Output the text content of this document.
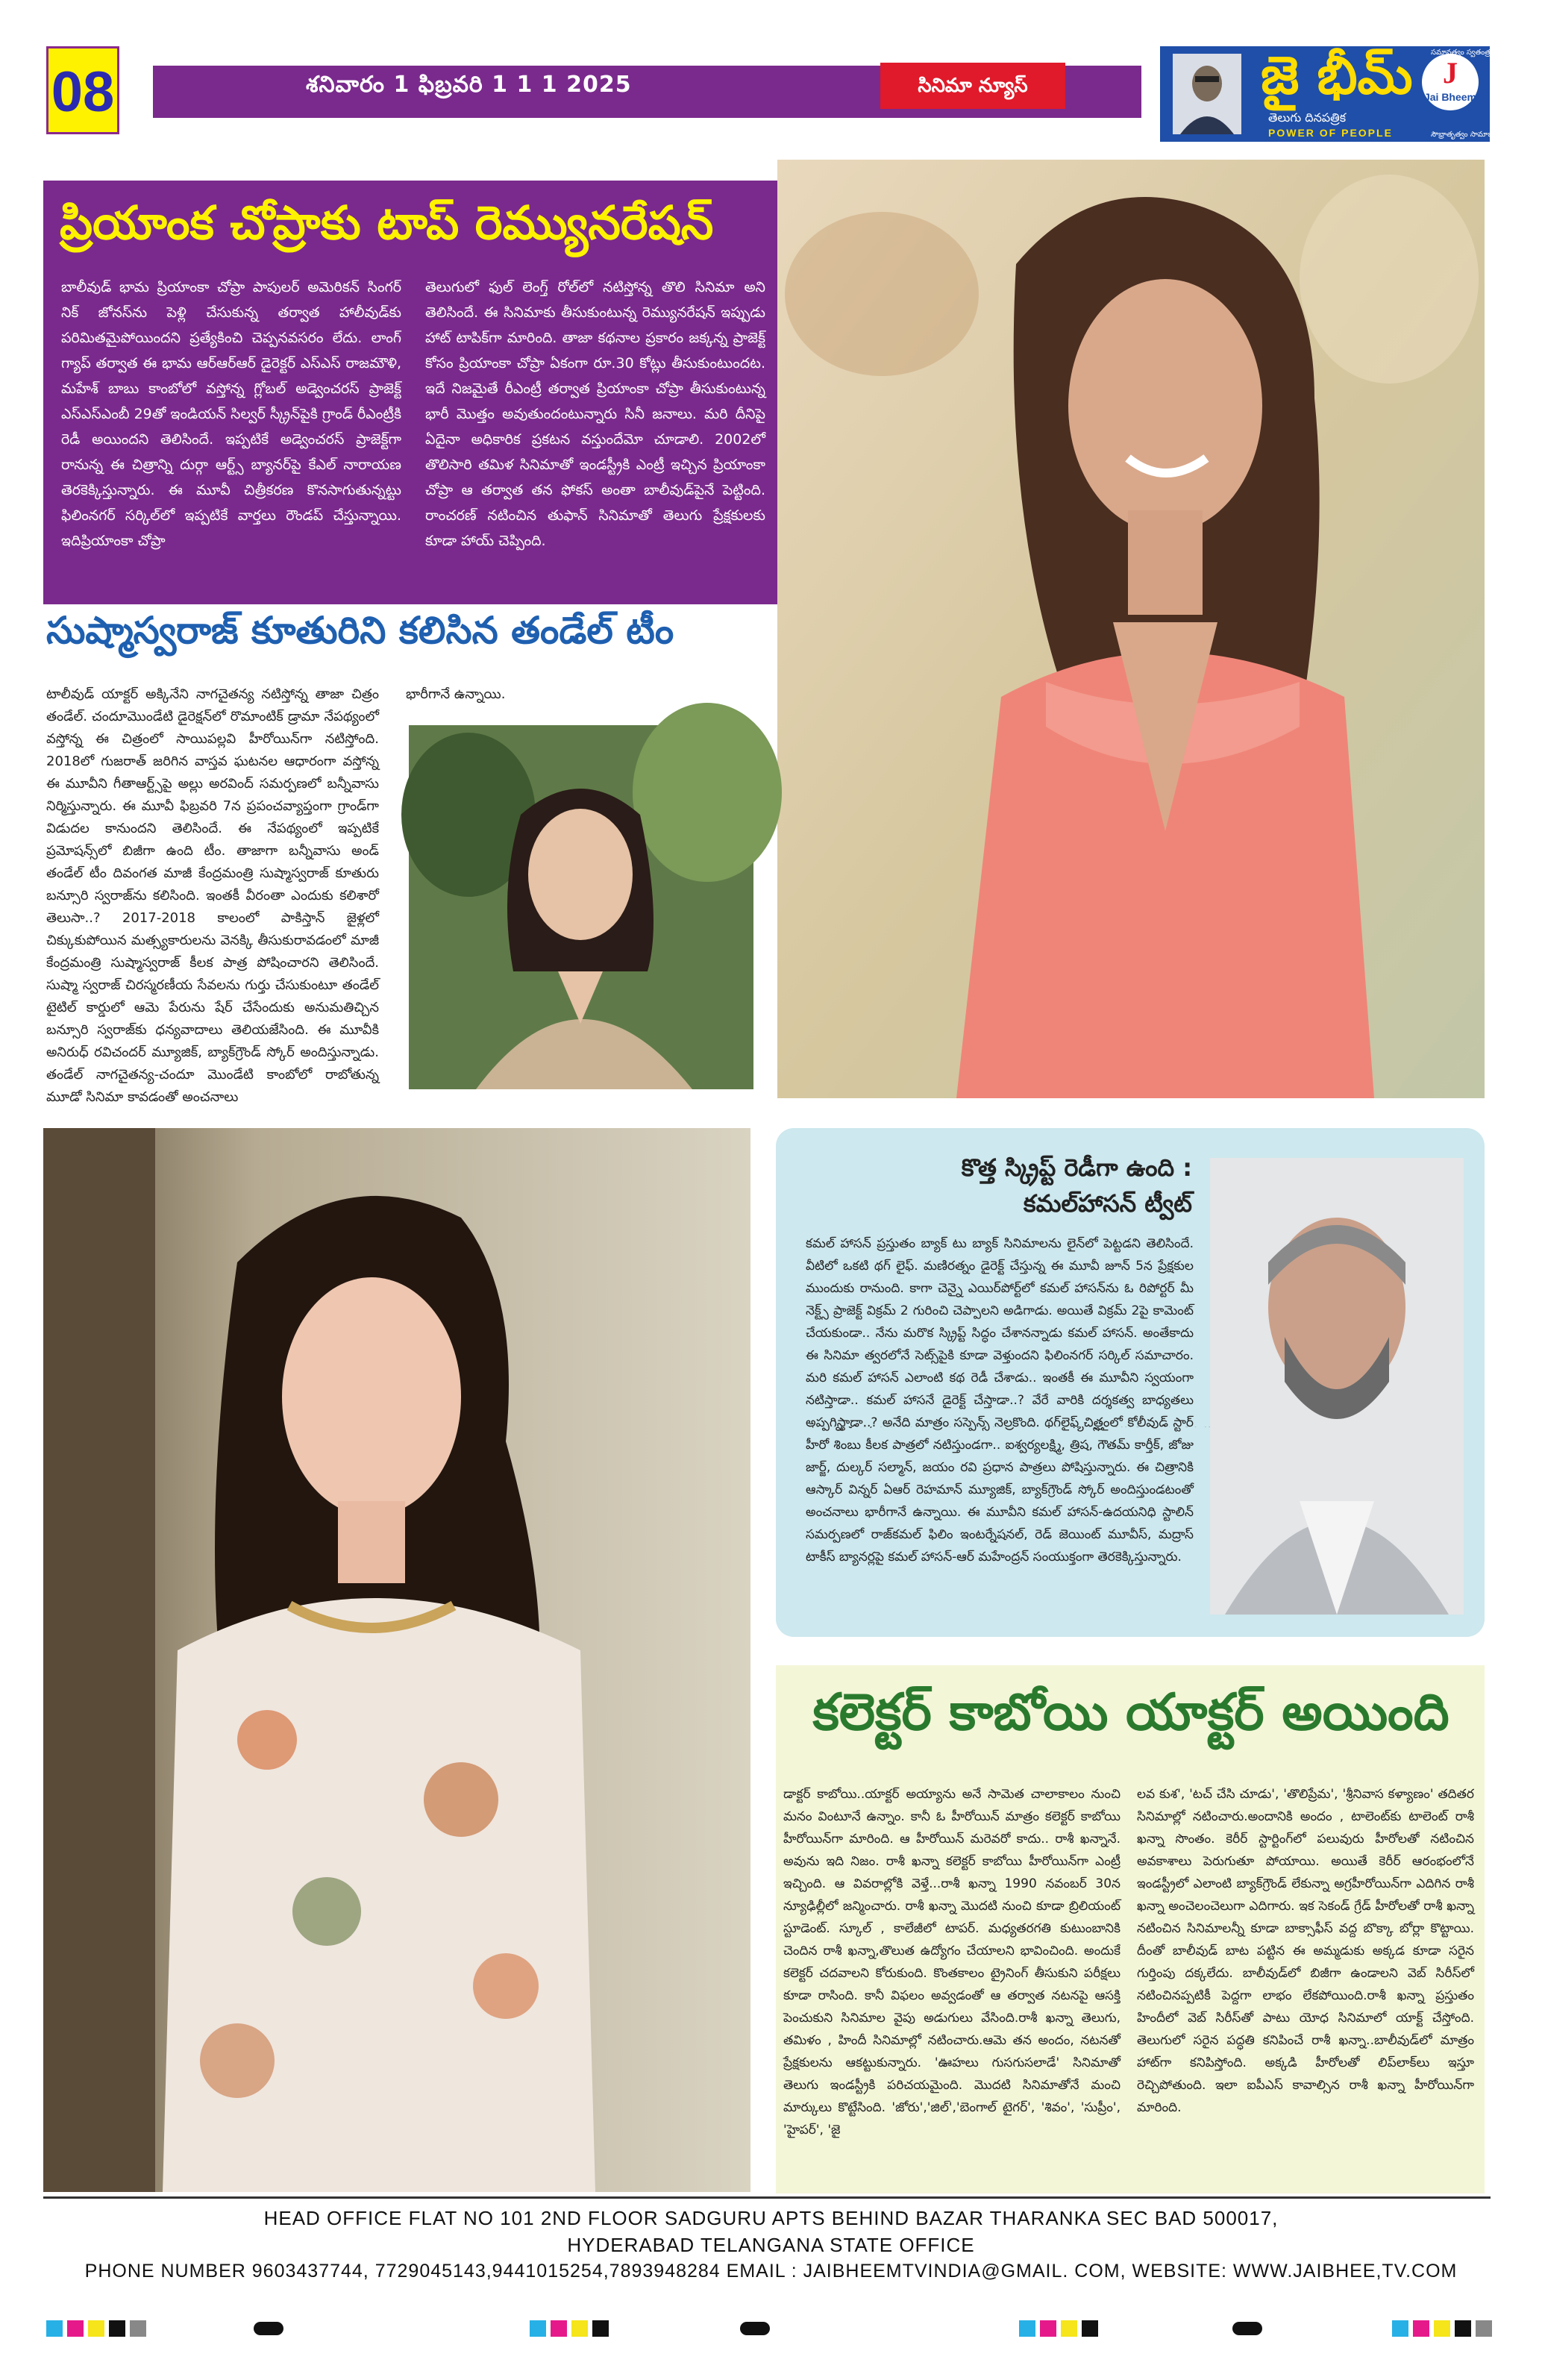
08	శనివారం 1 ఫిబ్రవరి 1 1 1 2025	సినిమా న్యూస్	జై భీమ్
తెలుగు దినపత్రిక
POWER OF PEOPLE
Jai Bheem
J
సమానత్వం స్వతంత్రం
సౌభ్రాతృత్వం సామాజికన్యాయం
ప్రియాంక చోప్రాకు టాప్ రెమ్యునరేషన్
బాలీవుడ్ భామ ప్రియాంకా చోప్రా పాపులర్ అమెరికన్ సింగర్ నిక్ జోనస్‌ను పెళ్లి చేసుకున్న తర్వాత హాలీవుడ్‌కు పరిమితమైపోయిందని ప్రత్యేకించి చెప్పనవసరం లేదు. లాంగ్ గ్యాప్ తర్వాత ఈ భామ ఆర్‌ఆర్‌ఆర్ డైరెక్టర్ ఎస్‌ఎస్ రాజమౌళి, మహేశ్ బాబు కాంబోలో వస్తోన్న గ్లోబల్ అడ్వెంచరస్ ప్రాజెక్ట్ ఎస్‌ఎస్‌ఎంబీ 29తో ఇండియన్ సిల్వర్ స్క్రీన్‌పైకి గ్రాండ్ రీఎంట్రీకి రెడీ అయిందని తెలిసిందే. ఇప్పటికే అడ్వెంచరస్ ప్రాజెక్ట్‌గా రానున్న ఈ చిత్రాన్ని దుర్గా ఆర్ట్స్ బ్యానర్‌పై కేఎల్ నారాయణ తెరకెక్కిస్తున్నారు. ఈ మూవీ చిత్రీకరణ కొనసాగుతున్నట్టు ఫిలింనగర్ సర్కిల్‌లో ఇప్పటికే వార్తలు రౌండప్ చేస్తున్నాయి. ఇదిప్రియాంకా చోప్రా
తెలుగులో ఫుల్ లెంగ్త్ రోల్‌లో నటిస్తోన్న తొలి సినిమా అని తెలిసిందే. ఈ సినిమాకు తీసుకుంటున్న రెమ్యునరేషన్ ఇప్పుడు హాట్ టాపిక్‌గా మారింది. తాజా కథనాల ప్రకారం జక్కన్న ప్రాజెక్ట్ కోసం ప్రియాంకా చోప్రా ఏకంగా రూ.30 కోట్లు తీసుకుంటుందట. ఇదే నిజమైతే రీఎంట్రీ తర్వాత ప్రియాంకా చోప్రా తీసుకుంటున్న భారీ మొత్తం అవుతుందంటున్నారు సినీ జనాలు. మరి దీనిపై ఏదైనా అధికారిక ప్రకటన వస్తుందేమో చూడాలి. 2002లో తొలిసారి తమిళ సినిమాతో ఇండస్ట్రీకి ఎంట్రీ ఇచ్చిన ప్రియాంకా చోప్రా ఆ తర్వాత తన ఫోకస్ అంతా బాలీవుడ్‌పైనే పెట్టింది. రాంచరణ్ నటించిన తుఫాన్ సినిమాతో తెలుగు ప్రేక్షకులకు కూడా హాయ్ చెప్పింది.
సుష్మాస్వరాజ్ కూతురిని కలిసిన తండేల్ టీం
టాలీవుడ్ యాక్టర్ అక్కినేని నాగచైతన్య నటిస్తోన్న తాజా చిత్రం తండేల్. చందూమొండేటి డైరెక్షన్‌లో రొమాంటిక్ డ్రామా నేపథ్యంలో వస్తోన్న ఈ చిత్రంలో సాయిపల్లవి హీరోయిన్‌గా నటిస్తోంది. 2018లో గుజరాత్ జరిగిన వాస్తవ ఘటనల ఆధారంగా వస్తోన్న ఈ మూవీని గీతాఆర్ట్స్‌పై అల్లు అరవింద్ సమర్పణలో బన్నీవాసు నిర్మిస్తున్నారు. ఈ మూవీ ఫిబ్రవరి 7న ప్రపంచవ్యాప్తంగా గ్రాండ్‌గా విడుదల కానుందని తెలిసిందే. ఈ నేపథ్యంలో ఇప్పటికే ప్రమోషన్స్‌లో బిజీగా ఉంది టీం. తాజాగా బన్నీవాసు అండ్ తండేల్ టీం దివంగత మాజీ కేంద్రమంత్రి సుష్మాస్వరాజ్ కూతురు బన్సూరి స్వరాజ్‌ను కలిసింది. ఇంతకీ వీరంతా ఎందుకు కలిశారో తెలుసా..? 2017-2018 కాలంలో పాకిస్తాన్ జైళ్లలో చిక్కుకుపోయిన మత్స్యకారులను వెనక్కి తీసుకురావడంలో మాజీ కేంద్రమంత్రి సుష్మాస్వరాజ్ కీలక పాత్ర పోషించారని తెలిసిందే. సుష్మా స్వరాజ్ చిరస్మరణీయ సేవలను గుర్తు చేసుకుంటూ తండేల్ టైటిల్ కార్డులో ఆమె పేరును షేర్ చేసేందుకు అనుమతిచ్చిన బన్సూరి స్వరాజ్‌కు ధన్యవాదాలు తెలియజేసింది. ఈ మూవీకి అనిరుధ్ రవిచందర్ మ్యూజిక్, బ్యాక్‌గ్రౌండ్ స్కోర్ అందిస్తున్నాడు. తండేల్ నాగచైతన్య-చందూ మొండేటి కాంబోలో రాబోతున్న మూడో సినిమా కావడంతో అంచనాలు
భారీగానే ఉన్నాయి.
కొత్త స్క్రిప్ట్ రెడీగా ఉంది :
కమల్‌హాసన్ ట్వీట్
కమల్ హాసన్ ప్రస్తుతం బ్యాక్ టు బ్యాక్ సినిమాలను లైన్‌లో పెట్టడని తెలిసిందే. వీటిలో ఒకటి థగ్ లైఫ్. మణిరత్నం డైరెక్ట్ చేస్తున్న ఈ మూవీ జూన్ 5న ప్రేక్షకుల ముందుకు రానుంది. కాగా చెన్నై ఎయిర్‌పోర్ట్‌లో కమల్ హాసన్‌ను ఓ రిపోర్టర్ మీ నెక్ట్స్ ప్రాజెక్ట్ విక్రమ్ 2 గురించి చెప్పాలని అడిగాడు. అయితే విక్రమ్ 2పై కామెంట్ చేయకుండా.. నేను మరొక స్క్రిప్ట్ సిద్ధం చేశానన్నాడు కమల్ హాసన్. అంతేకాదు ఈ సినిమా త్వరలోనే సెట్స్‌పైకి కూడా వెళ్తుందని ఫిలింనగర్ సర్కిల్ సమాచారం. మరి కమల్ హాసన్ ఎలాంటి కథ రెడీ చేశాడు.. ఇంతకీ ఈ మూవీని స్వయంగా నటిస్తాడా.. కమల్ హాసనే డైరెక్ట్ చేస్తాడా..? వేరే వారికి దర్శకత్వ బాధ్యతలు అప్పగిస్తాడా..? అనేది మాత్రం సస్పెన్స్ నెలకొంది. థగ్‌లైఫ్ చిత్రంలో కోలీవుడ్ స్టార్ హీరో శింబు కీలక పాత్రలో నటిస్తుండగా.. ఐశ్వర్యలక్ష్మి, త్రిష, గౌతమ్ కార్తీక్, జోజు జార్జ్, దుల్కర్ సల్మాన్, జయం రవి ప్రధాన పాత్రలు పోషిస్తున్నారు. ఈ చిత్రానికి ఆస్కార్ విన్నర్ ఏఆర్ రెహమాన్ మ్యూజిక్, బ్యాక్‌గ్రౌండ్ స్కోర్ అందిస్తుండటంతో అంచనాలు భారీగానే ఉన్నాయి. ఈ మూవీని కమల్ హాసన్-ఉదయనిధి స్టాలిన్ సమర్పణలో రాజ్‌కమల్ ఫిలిం ఇంటర్నేషనల్, రెడ్ జెయింట్ మూవీస్, మద్రాస్ టాకీస్ బ్యానర్లపై కమల్ హాసన్-ఆర్ మహేంద్రన్ సంయుక్తంగా తెరకెక్కిస్తున్నారు.
కలెక్టర్ కాబోయి యాక్టర్ అయింది
డాక్టర్ కాబోయి..యాక్టర్ అయ్యాను అనే సామెత చాలాకాలం నుంచి మనం వింటూనే ఉన్నాం. కానీ ఓ హీరోయిన్ మాత్రం కలెక్టర్ కాబోయి హీరోయిన్‌గా మారింది. ఆ హీరోయిన్ మరెవరో కాదు.. రాశీ ఖన్నానే. అవును ఇది నిజం. రాశీ ఖన్నా కలెక్టర్ కాబోయి హీరోయిన్‌గా ఎంట్రీ ఇచ్చింది. ఆ వివరాల్లోకి వెళ్తే...రాశీ ఖన్నా 1990 నవంబర్ 30న న్యూఢిల్లీలో జన్మించారు. రాశీ ఖన్నా మొదటి నుంచి కూడా బ్రిలియంట్ స్టూడెంట్. స్కూల్ , కాలేజీలో టాపర్. మధ్యతరగతి కుటుంబానికి చెందిన రాశీ ఖన్నా,తొలుత ఉద్యోగం చేయాలని భావించింది. అందుకే కలెక్టర్ చదవాలని కోరుకుంది. కొంతకాలం ట్రైనింగ్ తీసుకుని పరీక్షలు కూడా రాసింది. కానీ విఫలం అవ్వడంతో ఆ తర్వాత నటనపై ఆసక్తి పెంచుకుని సినిమాల వైపు అడుగులు వేసింది.రాశీ ఖన్నా తెలుగు, తమిళం , హిందీ సినిమాల్లో నటించారు.ఆమె తన అందం, నటనతో ప్రేక్షకులను ఆకట్టుకున్నారు. 'ఊహలు గుసగుసలాడే' సినిమాతో తెలుగు ఇండస్ట్రీకి పరిచయమైంది. మొదటి సినిమాతోనే మంచి మార్కులు కొట్టేసింది. 'జోరు','జిల్','బెంగాల్ టైగర్', 'శివం', 'సుప్రీం', 'హైపర్', 'జై
లవ కుశ', 'టచ్ చేసి చూడు', 'తొలిప్రేమ', 'శ్రీనివాస కళ్యాణం' తదితర సినిమాల్లో నటించారు.అందానికి అందం , టాలెంట్‌కు టాలెంట్ రాశీ ఖన్నా సొంతం. కెరీర్ స్టార్టింగ్‌లో పలువురు హీరోలతో నటించిన అవకాశాలు పెరుగుతూ పోయాయి. అయితే కెరీర్ ఆరంభంలోనే ఇండస్ట్రీలో ఎలాంటి బ్యాక్‌గ్రౌండ్ లేకున్నా అగ్రహీరోయిన్‌గా ఎదిగిన రాశీ ఖన్నా అంచెలంచెలుగా ఎదిగారు. ఇక సెకండ్ గ్రేడ్ హీరోలతో రాశీ ఖన్నా నటించిన సినిమాలన్నీ కూడా బాక్సాఫీస్ వద్ద బొక్కా బోర్లా కొట్టాయి. దీంతో బాలీవుడ్ బాట పట్టిన ఈ అమ్మడుకు అక్కడ కూడా సరైన గుర్తింపు దక్కలేదు. బాలీవుడ్‌లో బిజీగా ఉండాలని వెబ్ సిరీస్‌లో నటించినప్పటికీ పెద్దగా లాభం లేకపోయింది.రాశీ ఖన్నా ప్రస్తుతం హిందీలో వెబ్ సిరీస్‌తో పాటు యోధ సినిమాలో యాక్ట్ చేస్తోంది. తెలుగులో సరైన పద్ధతి కనిపించే రాశీ ఖన్నా..బాలీవుడ్‌లో మాత్రం హాట్‌గా కనిపిస్తోంది. అక్కడి హీరోలతో లిప్‌లాక్‌లు ఇస్తూ రెచ్చిపోతుంది. ఇలా ఐపీఎస్ కావాల్సిన రాశీ ఖన్నా హీరోయిన్‌గా మారింది.
HEAD OFFICE FLAT NO 101 2ND FLOOR SADGURU APTS BEHIND BAZAR THARANKA SEC BAD 500017,
HYDERABAD TELANGANA STATE OFFICE
PHONE NUMBER 9603437744, 7729045143,9441015254,7893948284 EMAIL : JAIBHEEMTVINDIA@GMAIL. COM, WEBSITE: WWW.JAIBHEE,TV.COM
